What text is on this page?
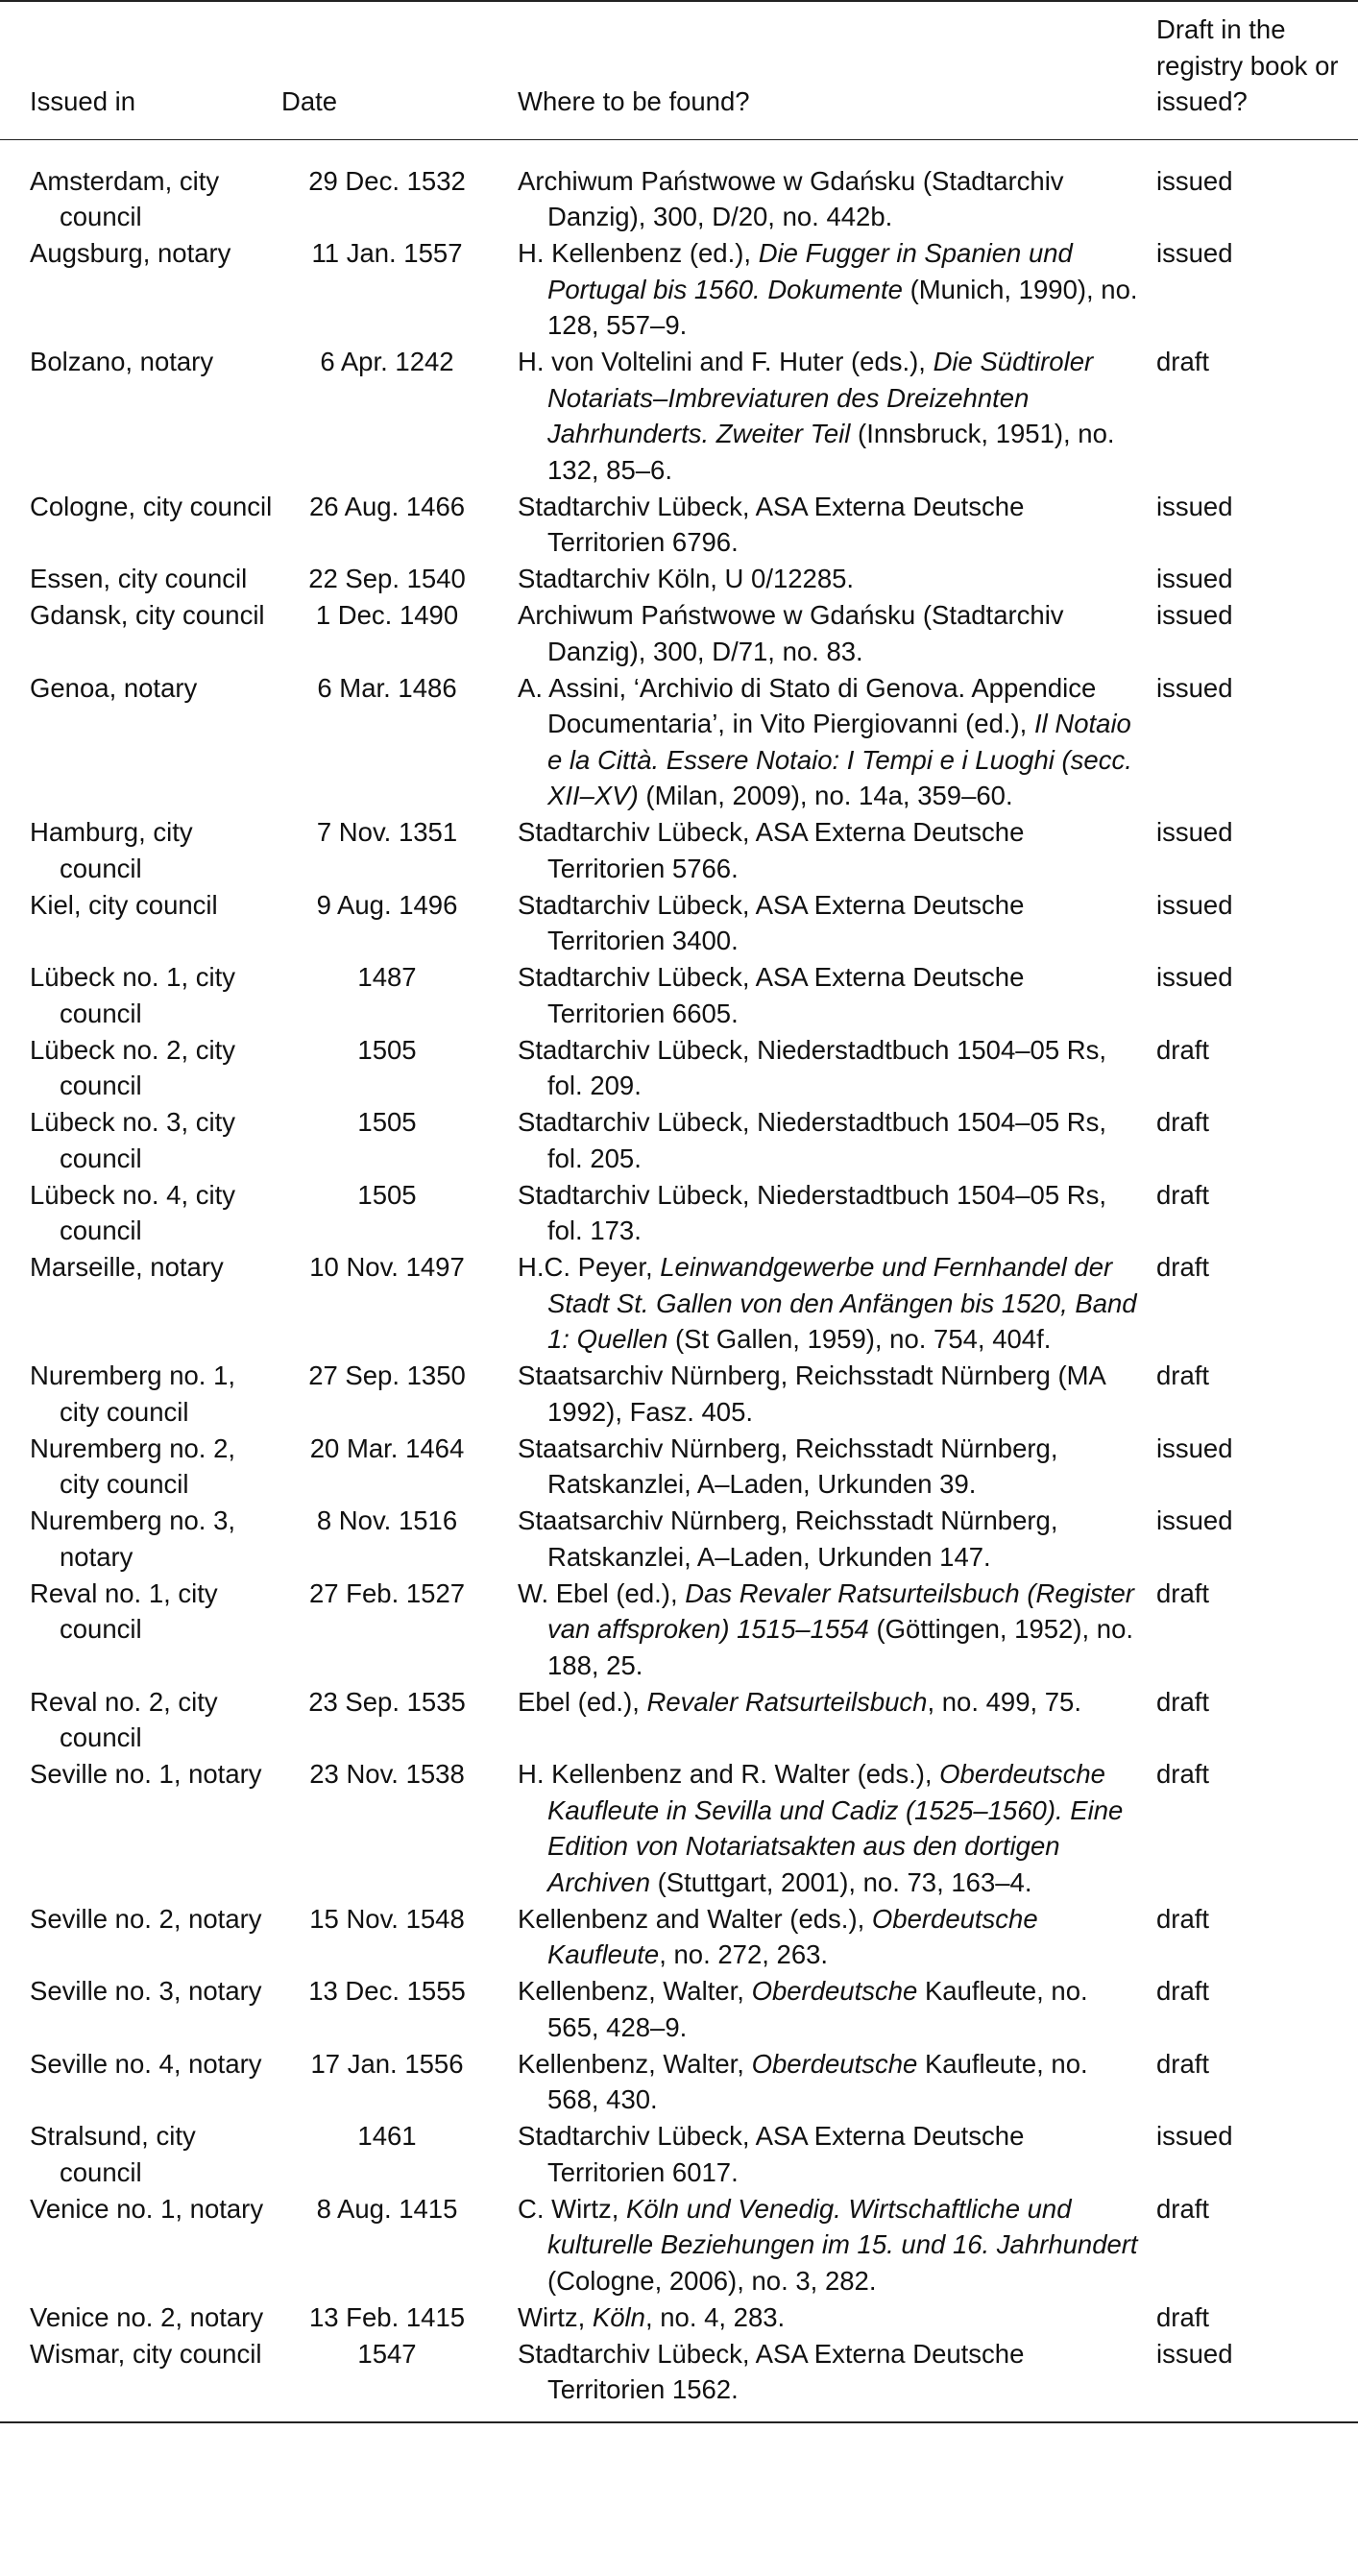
Issued in	Date	Where to be found?	Draft in the registry book or issued?

Amsterdam, city council	29 Dec. 1532	Archiwum Państwowe w Gdańsku (Stadtarchiv Danzig), 300, D/20, no. 442b.	issued

Augsburg, notary	11 Jan. 1557	H. Kellenbenz (ed.), Die Fugger in Spanien und Portugal bis 1560. Dokumente (Munich, 1990), no. 128, 557–9.	issued

Bolzano, notary	6 Apr. 1242	H. von Voltelini and F. Huter (eds.), Die Südtiroler Notariats–Imbreviaturen des Dreizehnten Jahrhunderts. Zweiter Teil (Innsbruck, 1951), no. 132, 85–6.	draft

Cologne, city council	26 Aug. 1466	Stadtarchiv Lübeck, ASA Externa Deutsche Territorien 6796.	issued

Essen, city council	22 Sep. 1540	Stadtarchiv Köln, U 0/12285.	issued

Gdansk, city council	1 Dec. 1490	Archiwum Państwowe w Gdańsku (Stadtarchiv Danzig), 300, D/71, no. 83.	issued

Genoa, notary	6 Mar. 1486	A. Assini, ‘Archivio di Stato di Genova. Appendice Documentaria’, in Vito Piergiovanni (ed.), Il Notaio e la Città. Essere Notaio: I Tempi e i Luoghi (secc. XII–XV) (Milan, 2009), no. 14a, 359–60.	issued

Hamburg, city council	7 Nov. 1351	Stadtarchiv Lübeck, ASA Externa Deutsche Territorien 5766.	issued

Kiel, city council	9 Aug. 1496	Stadtarchiv Lübeck, ASA Externa Deutsche Territorien 3400.	issued

Lübeck no. 1, city council	1487	Stadtarchiv Lübeck, ASA Externa Deutsche Territorien 6605.	issued

Lübeck no. 2, city council	1505	Stadtarchiv Lübeck, Niederstadtbuch 1504–05 Rs, fol. 209.	draft

Lübeck no. 3, city council	1505	Stadtarchiv Lübeck, Niederstadtbuch 1504–05 Rs, fol. 205.	draft

Lübeck no. 4, city council	1505	Stadtarchiv Lübeck, Niederstadtbuch 1504–05 Rs, fol. 173.	draft

Marseille, notary	10 Nov. 1497	H.C. Peyer, Leinwandgewerbe und Fernhandel der Stadt St. Gallen von den Anfängen bis 1520, Band 1: Quellen (St Gallen, 1959), no. 754, 404f.	draft

Nuremberg no. 1, city council	27 Sep. 1350	Staatsarchiv Nürnberg, Reichsstadt Nürnberg (MA 1992), Fasz. 405.	draft

Nuremberg no. 2, city council	20 Mar. 1464	Staatsarchiv Nürnberg, Reichsstadt Nürnberg, Ratskanzlei, A–Laden, Urkunden 39.	issued

Nuremberg no. 3, notary	8 Nov. 1516	Staatsarchiv Nürnberg, Reichsstadt Nürnberg, Ratskanzlei, A–Laden, Urkunden 147.	issued

Reval no. 1, city council	27 Feb. 1527	W. Ebel (ed.), Das Revaler Ratsurteilsbuch (Register van affsproken) 1515–1554 (Göttingen, 1952), no. 188, 25.	draft

Reval no. 2, city council	23 Sep. 1535	Ebel (ed.), Revaler Ratsurteilsbuch, no. 499, 75.	draft

Seville no. 1, notary	23 Nov. 1538	H. Kellenbenz and R. Walter (eds.), Oberdeutsche Kaufleute in Sevilla und Cadiz (1525–1560). Eine Edition von Notariatsakten aus den dortigen Archiven (Stuttgart, 2001), no. 73, 163–4.	draft

Seville no. 2, notary	15 Nov. 1548	Kellenbenz and Walter (eds.), Oberdeutsche Kaufleute, no. 272, 263.	draft

Seville no. 3, notary	13 Dec. 1555	Kellenbenz, Walter, Oberdeutsche Kaufleute, no. 565, 428–9.	draft

Seville no. 4, notary	17 Jan. 1556	Kellenbenz, Walter, Oberdeutsche Kaufleute, no. 568, 430.	draft

Stralsund, city council	1461	Stadtarchiv Lübeck, ASA Externa Deutsche Territorien 6017.	issued

Venice no. 1, notary	8 Aug. 1415	C. Wirtz, Köln und Venedig. Wirtschaftliche und kulturelle Beziehungen im 15. und 16. Jahrhundert (Cologne, 2006), no. 3, 282.	draft

Venice no. 2, notary	13 Feb. 1415	Wirtz, Köln, no. 4, 283.	draft

Wismar, city council	1547	Stadtarchiv Lübeck, ASA Externa Deutsche Territorien 1562.	issued
